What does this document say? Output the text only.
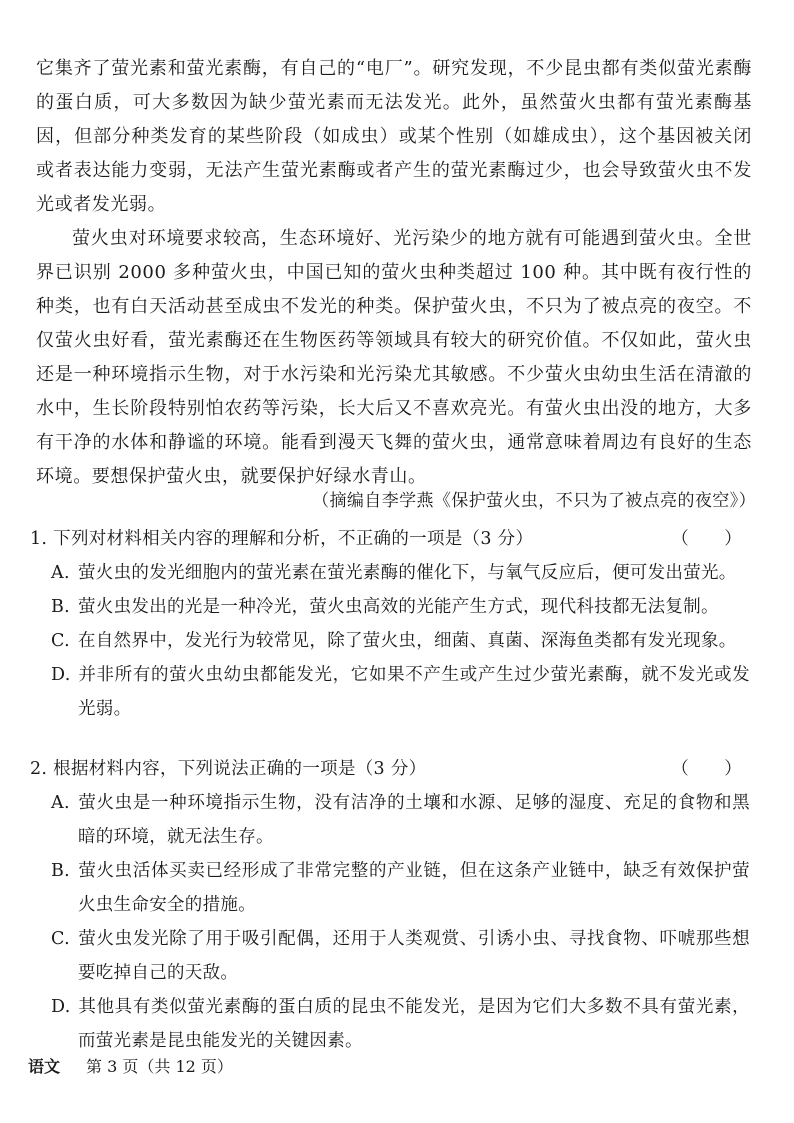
它集齐了萤光素和萤光素酶，有自己的“电厂”。研究发现，不少昆虫都有类似萤光素酶的蛋白质，可大多数因为缺少萤光素而无法发光。此外，虽然萤火虫都有萤光素酶基因，但部分种类发育的某些阶段（如成虫）或某个性别（如雄成虫），这个基因被关闭或者表达能力变弱，无法产生萤光素酶或者产生的萤光素酶过少，也会导致萤火虫不发光或者发光弱。

萤火虫对环境要求较高，生态环境好、光污染少的地方就有可能遇到萤火虫。全世界已识别 2000 多种萤火虫，中国已知的萤火虫种类超过 100 种。其中既有夜行性的种类，也有白天活动甚至成虫不发光的种类。保护萤火虫，不只为了被点亮的夜空。不仅萤火虫好看，萤光素酶还在生物医药等领域具有较大的研究价值。不仅如此，萤火虫还是一种环境指示生物，对于水污染和光污染尤其敏感。不少萤火虫幼虫生活在清澈的水中，生长阶段特别怕农药等污染，长大后又不喜欢亮光。有萤火虫出没的地方，大多有干净的水体和静谧的环境。能看到漫天飞舞的萤火虫，通常意味着周边有良好的生态环境。要想保护萤火虫，就要保护好绿水青山。

（摘编自李学燕《保护萤火虫，不只为了被点亮的夜空》）
1. 下列对材料相关内容的理解和分析，不正确的一项是（3 分）	（      ）
A. 萤火虫的发光细胞内的萤光素在萤光素酶的催化下，与氧气反应后，便可发出萤光。
B. 萤火虫发出的光是一种冷光，萤火虫高效的光能产生方式，现代科技都无法复制。
C. 在自然界中，发光行为较常见，除了萤火虫，细菌、真菌、深海鱼类都有发光现象。
D. 并非所有的萤火虫幼虫都能发光，它如果不产生或产生过少萤光素酶，就不发光或发光弱。
2. 根据材料内容，下列说法正确的一项是（3 分）	（      ）
A. 萤火虫是一种环境指示生物，没有洁净的土壤和水源、足够的湿度、充足的食物和黑暗的环境，就无法生存。
B. 萤火虫活体买卖已经形成了非常完整的产业链，但在这条产业链中，缺乏有效保护萤火虫生命安全的措施。
C. 萤火虫发光除了用于吸引配偶，还用于人类观赏、引诱小虫、寻找食物、吓唬那些想要吃掉自己的天敌。
D. 其他具有类似萤光素酶的蛋白质的昆虫不能发光，是因为它们大多数不具有萤光素，而萤光素是昆虫能发光的关键因素。
语文 第 3 页（共 12 页）
